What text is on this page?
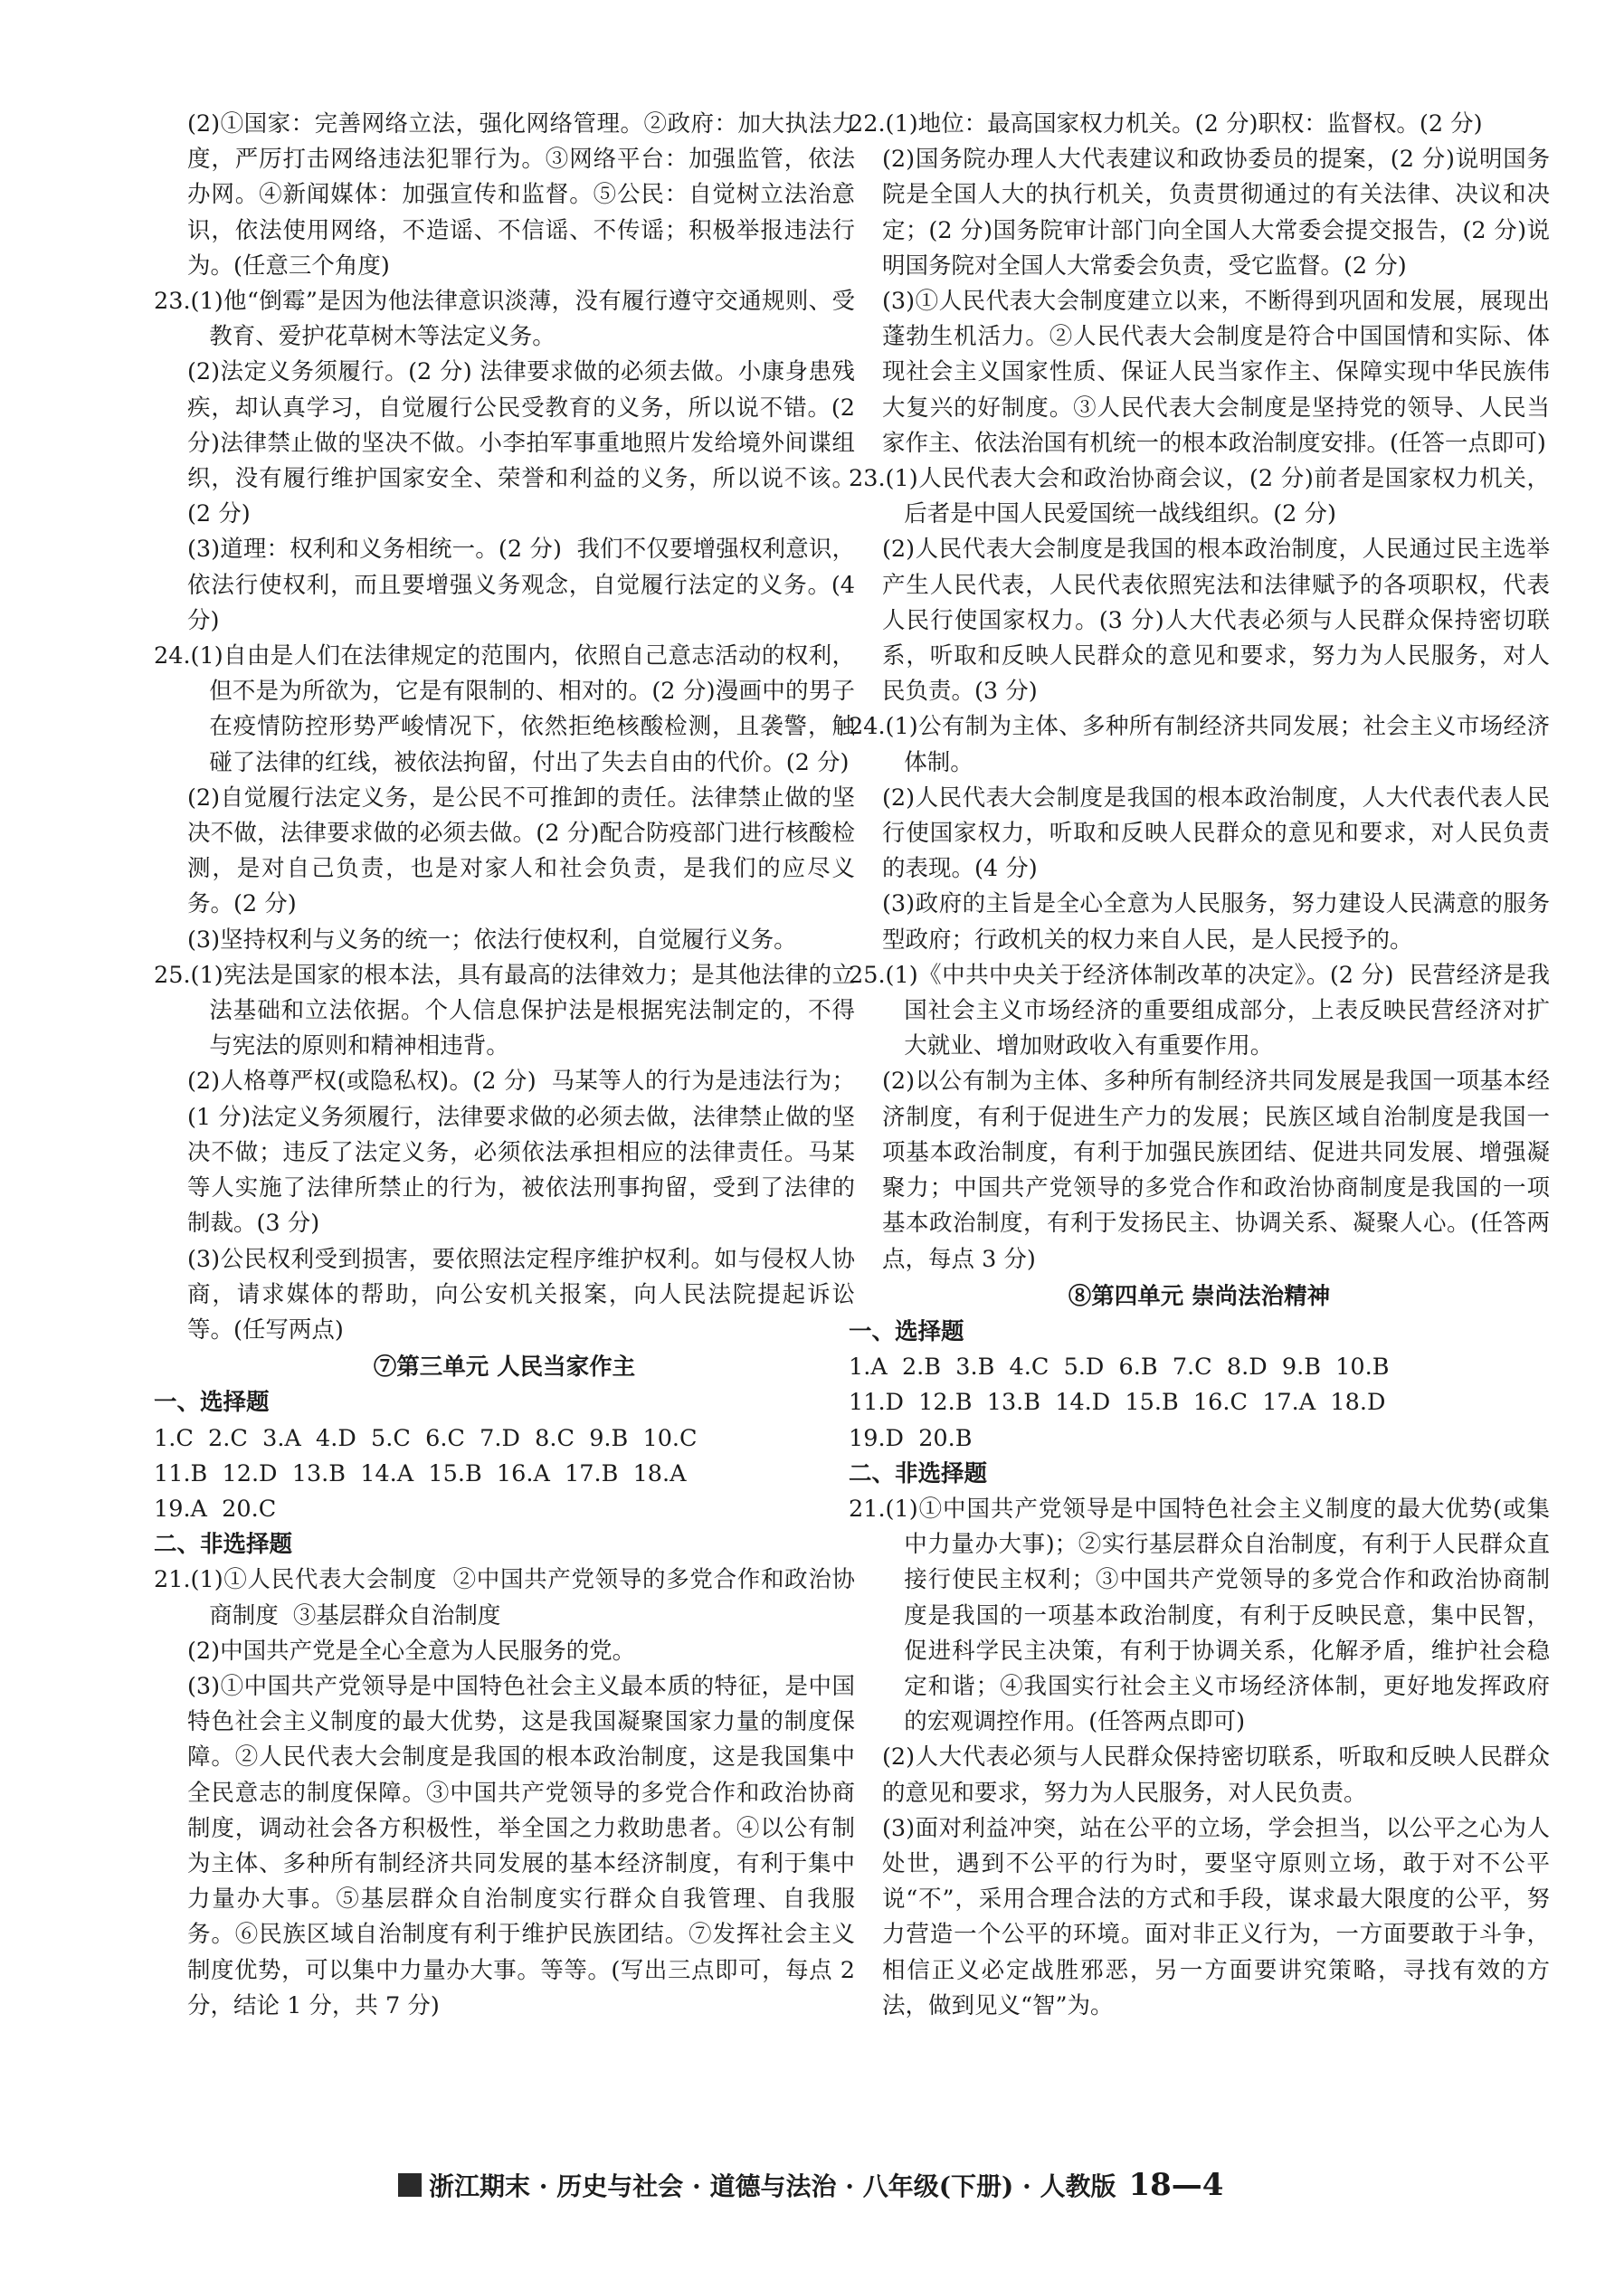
(2)①国家：完善网络立法，强化网络管理。②政府：加大执法力度，严厉打击网络违法犯罪行为。③网络平台：加强监管，依法办网。④新闻媒体：加强宣传和监督。⑤公民：自觉树立法治意识，依法使用网络，不造谣、不信谣、不传谣；积极举报违法行为。(任意三个角度)

23.(1)他“倒霉”是因为他法律意识淡薄，没有履行遵守交通规则、受教育、爱护花草树木等法定义务。

(2)法定义务须履行。(2 分) 法律要求做的必须去做。小康身患残疾，却认真学习，自觉履行公民受教育的义务，所以说不错。(2 分)法律禁止做的坚决不做。小李拍军事重地照片发给境外间谍组织，没有履行维护国家安全、荣誉和利益的义务，所以说不该。(2 分)

(3)道理：权利和义务相统一。(2 分)  我们不仅要增强权利意识，依法行使权利，而且要增强义务观念，自觉履行法定的义务。(4 分)

24.(1)自由是人们在法律规定的范围内，依照自己意志活动的权利，但不是为所欲为，它是有限制的、相对的。(2 分)漫画中的男子在疫情防控形势严峻情况下，依然拒绝核酸检测，且袭警，触碰了法律的红线，被依法拘留，付出了失去自由的代价。(2 分)

(2)自觉履行法定义务，是公民不可推卸的责任。法律禁止做的坚决不做，法律要求做的必须去做。(2 分)配合防疫部门进行核酸检测，是对自己负责，也是对家人和社会负责，是我们的应尽义务。(2 分)

(3)坚持权利与义务的统一；依法行使权利，自觉履行义务。

25.(1)宪法是国家的根本法，具有最高的法律效力；是其他法律的立法基础和立法依据。个人信息保护法是根据宪法制定的，不得与宪法的原则和精神相违背。

(2)人格尊严权(或隐私权)。(2 分)  马某等人的行为是违法行为；(1 分)法定义务须履行，法律要求做的必须去做，法律禁止做的坚决不做；违反了法定义务，必须依法承担相应的法律责任。马某等人实施了法律所禁止的行为，被依法刑事拘留，受到了法律的制裁。(3 分)

(3)公民权利受到损害，要依照法定程序维护权利。如与侵权人协商，请求媒体的帮助，向公安机关报案，向人民法院提起诉讼等。(任写两点)

⑦第三单元 人民当家作主

一、选择题

1.C  2.C  3.A  4.D  5.C  6.C  7.D  8.C  9.B  10.C

11.B  12.D  13.B  14.A  15.B  16.A  17.B  18.A

19.A  20.C

二、非选择题

21.(1)①人民代表大会制度  ②中国共产党领导的多党合作和政治协商制度  ③基层群众自治制度

(2)中国共产党是全心全意为人民服务的党。

(3)①中国共产党领导是中国特色社会主义最本质的特征，是中国特色社会主义制度的最大优势，这是我国凝聚国家力量的制度保障。②人民代表大会制度是我国的根本政治制度，这是我国集中全民意志的制度保障。③中国共产党领导的多党合作和政治协商制度，调动社会各方积极性，举全国之力救助患者。④以公有制为主体、多种所有制经济共同发展的基本经济制度，有利于集中力量办大事。⑤基层群众自治制度实行群众自我管理、自我服务。⑥民族区域自治制度有利于维护民族团结。⑦发挥社会主义制度优势，可以集中力量办大事。等等。(写出三点即可，每点 2 分，结论 1 分，共 7 分)

22.(1)地位：最高国家权力机关。(2 分)职权：监督权。(2 分)

(2)国务院办理人大代表建议和政协委员的提案，(2 分)说明国务院是全国人大的执行机关，负责贯彻通过的有关法律、决议和决定；(2 分)国务院审计部门向全国人大常委会提交报告，(2 分)说明国务院对全国人大常委会负责，受它监督。(2 分)

(3)①人民代表大会制度建立以来，不断得到巩固和发展，展现出蓬勃生机活力。②人民代表大会制度是符合中国国情和实际、体现社会主义国家性质、保证人民当家作主、保障实现中华民族伟大复兴的好制度。③人民代表大会制度是坚持党的领导、人民当家作主、依法治国有机统一的根本政治制度安排。(任答一点即可)

23.(1)人民代表大会和政治协商会议，(2 分)前者是国家权力机关，后者是中国人民爱国统一战线组织。(2 分)

(2)人民代表大会制度是我国的根本政治制度，人民通过民主选举产生人民代表，人民代表依照宪法和法律赋予的各项职权，代表人民行使国家权力。(3 分)人大代表必须与人民群众保持密切联系，听取和反映人民群众的意见和要求，努力为人民服务，对人民负责。(3 分)

24.(1)公有制为主体、多种所有制经济共同发展；社会主义市场经济体制。

(2)人民代表大会制度是我国的根本政治制度，人大代表代表人民行使国家权力，听取和反映人民群众的意见和要求，对人民负责的表现。(4 分)

(3)政府的主旨是全心全意为人民服务，努力建设人民满意的服务型政府；行政机关的权力来自人民，是人民授予的。

25.(1)《中共中央关于经济体制改革的决定》。(2 分)  民营经济是我国社会主义市场经济的重要组成部分，上表反映民营经济对扩大就业、增加财政收入有重要作用。

(2)以公有制为主体、多种所有制经济共同发展是我国一项基本经济制度，有利于促进生产力的发展；民族区域自治制度是我国一项基本政治制度，有利于加强民族团结、促进共同发展、增强凝聚力；中国共产党领导的多党合作和政治协商制度是我国的一项基本政治制度，有利于发扬民主、协调关系、凝聚人心。(任答两点，每点 3 分)

⑧第四单元 崇尚法治精神

一、选择题

1.A  2.B  3.B  4.C  5.D  6.B  7.C  8.D  9.B  10.B

11.D  12.B  13.B  14.D  15.B  16.C  17.A  18.D

19.D  20.B

二、非选择题

21.(1)①中国共产党领导是中国特色社会主义制度的最大优势(或集中力量办大事)；②实行基层群众自治制度，有利于人民群众直接行使民主权利；③中国共产党领导的多党合作和政治协商制度是我国的一项基本政治制度，有利于反映民意，集中民智，促进科学民主决策，有利于协调关系，化解矛盾，维护社会稳定和谐；④我国实行社会主义市场经济体制，更好地发挥政府的宏观调控作用。(任答两点即可)

(2)人大代表必须与人民群众保持密切联系，听取和反映人民群众的意见和要求，努力为人民服务，对人民负责。

(3)面对利益冲突，站在公平的立场，学会担当，以公平之心为人处世，遇到不公平的行为时，要坚守原则立场，敢于对不公平说“不”，采用合理合法的方式和手段，谋求最大限度的公平，努力营造一个公平的环境。面对非正义行为，一方面要敢于斗争，相信正义必定战胜邪恶，另一方面要讲究策略，寻找有效的方法，做到见义“智”为。

浙江期末 · 历史与社会 · 道德与法治 · 八年级(下册) · 人教版 18—4
